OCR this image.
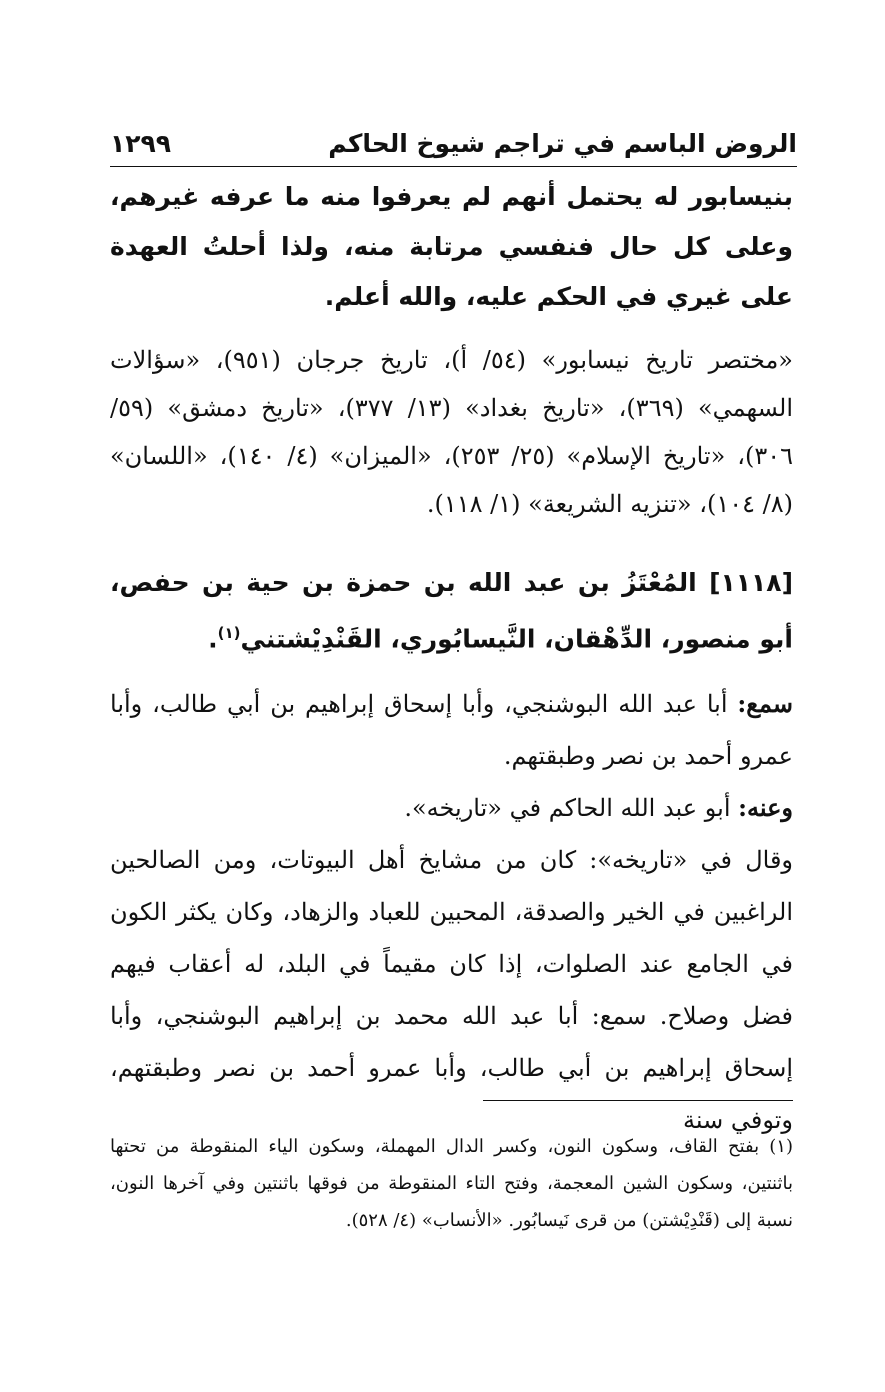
الروض الباسم في تراجم شيوخ الحاكم
١٢٩٩

بنيسابور له يحتمل أنهم لم يعرفوا منه ما عرفه غيرهم، وعلى كل حال فنفسي مرتابة منه، ولذا أحلتُ العهدة على غيري في الحكم عليه، والله أعلم.

«مختصر تاريخ نيسابور» (٥٤/ أ)، تاريخ جرجان (٩٥١)، «سؤالات السهمي» (٣٦٩)، «تاريخ بغداد» (١٣/ ٣٧٧)، «تاريخ دمشق» (٥٩/ ٣٠٦)، «تاريخ الإسلام» (٢٥/ ٢٥٣)، «الميزان» (٤/ ١٤٠)، «اللسان» (٨/ ١٠٤)، «تنزيه الشريعة» (١/ ١١٨).

[١١١٨] المُعْتَزُ بن عبد الله بن حمزة بن حية بن حفص، أبو منصور، الدِّهْقان، النَّيسابُوري، القَنْدِيْشتني$^{(١)}$.

سمع: أبا عبد الله البوشنجي، وأبا إسحاق إبراهيم بن أبي طالب، وأبا عمرو أحمد بن نصر وطبقتهم.

وعنه: أبو عبد الله الحاكم في «تاريخه».

وقال في «تاريخه»: كان من مشايخ أهل البيوتات، ومن الصالحين الراغبين في الخير والصدقة، المحبين للعباد والزهاد، وكان يكثر الكون في الجامع عند الصلوات، إذا كان مقيماً في البلد، له أعقاب فيهم فضل وصلاح. سمع: أبا عبد الله محمد بن إبراهيم البوشنجي، وأبا إسحاق إبراهيم بن أبي طالب، وأبا عمرو أحمد بن نصر وطبقتهم، وتوفي سنة

(١) بفتح القاف، وسكون النون، وكسر الدال المهملة، وسكون الياء المنقوطة من تحتها باثنتين، وسكون الشين المعجمة، وفتح التاء المنقوطة من فوقها باثنتين وفي آخرها النون، نسبة إلى (قَنْدِيْشتن) من قرى نَيسابُور. «الأنساب» (٤/ ٥٢٨).
